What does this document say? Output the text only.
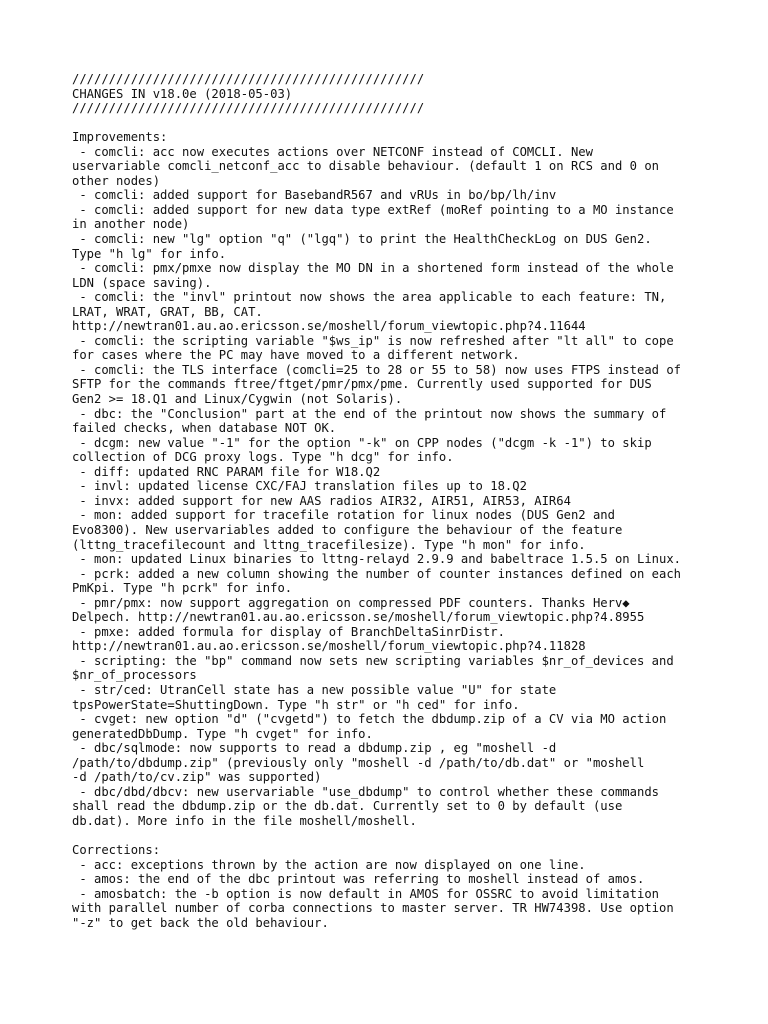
////////////////////////////////////////////////
CHANGES IN v18.0e (2018-05-03)
////////////////////////////////////////////////
Improvements:
- comcli: acc now executes actions over NETCONF instead of COMCLI. New
uservariable comcli_netconf_acc to disable behaviour. (default 1 on RCS and 0 on
other nodes)
- comcli: added support for BasebandR567 and vRUs in bo/bp/lh/inv
- comcli: added support for new data type extRef (moRef pointing to a MO instance
in another node)
- comcli: new "lg" option "q" ("lgq") to print the HealthCheckLog on DUS Gen2.
Type "h lg" for info.
- comcli: pmx/pmxe now display the MO DN in a shortened form instead of the whole
LDN (space saving).
- comcli: the "invl" printout now shows the area applicable to each feature: TN,
LRAT, WRAT, GRAT, BB, CAT.
http://newtran01.au.ao.ericsson.se/moshell/forum_viewtopic.php?4.11644
- comcli: the scripting variable "$ws_ip" is now refreshed after "lt all" to cope
for cases where the PC may have moved to a different network.
- comcli: the TLS interface (comcli=25 to 28 or 55 to 58) now uses FTPS instead of
SFTP for the commands ftree/ftget/pmr/pmx/pme. Currently used supported for DUS
Gen2 >= 18.Q1 and Linux/Cygwin (not Solaris).
- dbc: the "Conclusion" part at the end of the printout now shows the summary of
failed checks, when database NOT OK.
- dcgm: new value "-1" for the option "-k" on CPP nodes ("dcgm -k -1") to skip
collection of DCG proxy logs. Type "h dcg" for info.
- diff: updated RNC PARAM file for W18.Q2
- invl: updated license CXC/FAJ translation files up to 18.Q2
- invx: added support for new AAS radios AIR32, AIR51, AIR53, AIR64
- mon: added support for tracefile rotation for linux nodes (DUS Gen2 and
Evo8300). New uservariables added to configure the behaviour of the feature
(lttng_tracefilecount and lttng_tracefilesize). Type "h mon" for info.
- mon: updated Linux binaries to lttng-relayd 2.9.9 and babeltrace 1.5.5 on Linux.
- pcrk: added a new column showing the number of counter instances defined on each
PmKpi. Type "h pcrk" for info.
- pmr/pmx: now support aggregation on compressed PDF counters. Thanks Herv◆
Delpech. http://newtran01.au.ao.ericsson.se/moshell/forum_viewtopic.php?4.8955
- pmxe: added formula for display of BranchDeltaSinrDistr.
http://newtran01.au.ao.ericsson.se/moshell/forum_viewtopic.php?4.11828
- scripting: the "bp" command now sets new scripting variables $nr_of_devices and
$nr_of_processors
- str/ced: UtranCell state has a new possible value "U" for state
tpsPowerState=ShuttingDown. Type "h str" or "h ced" for info.
- cvget: new option "d" ("cvgetd") to fetch the dbdump.zip of a CV via MO action
generatedDbDump. Type "h cvget" for info.
- dbc/sqlmode: now supports to read a dbdump.zip , eg "moshell -d
/path/to/dbdump.zip" (previously only "moshell -d /path/to/db.dat" or "moshell
-d /path/to/cv.zip" was supported)
- dbc/dbd/dbcv: new uservariable "use_dbdump" to control whether these commands
shall read the dbdump.zip or the db.dat. Currently set to 0 by default (use
db.dat). More info in the file moshell/moshell.
Corrections:
- acc: exceptions thrown by the action are now displayed on one line.
- amos: the end of the dbc printout was referring to moshell instead of amos.
- amosbatch: the -b option is now default in AMOS for OSSRC to avoid limitation
with parallel number of corba connections to master server. TR HW74398. Use option
"-z" to get back the old behaviour.
